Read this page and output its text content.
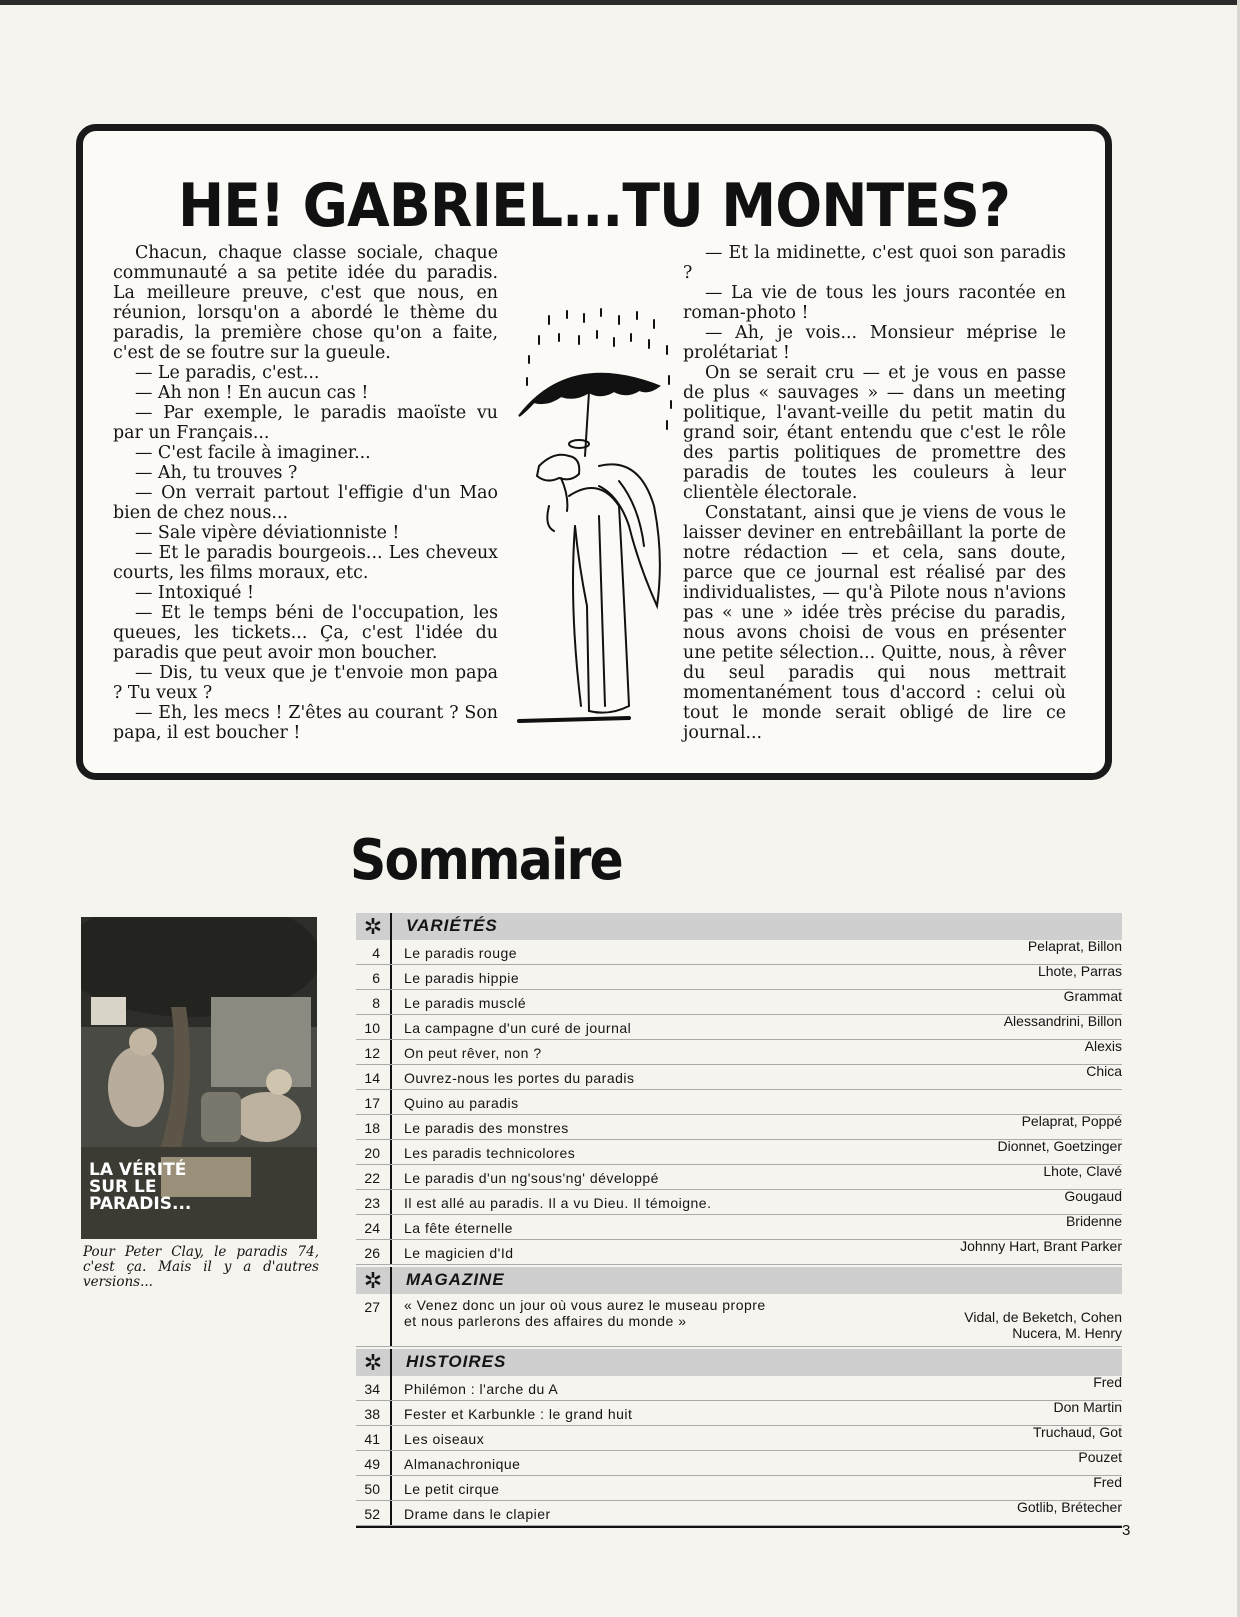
HE! GABRIEL...TU MONTES?

Chacun, chaque classe sociale, chaque communauté a sa petite idée du paradis. La meilleure preuve, c'est que nous, en réunion, lorsqu'on a abordé le thème du paradis, la première chose qu'on a faite, c'est de se foutre sur la gueule.

— Le paradis, c'est...

— Ah non ! En aucun cas !

— Par exemple, le paradis maoïste vu par un Français...

— C'est facile à imaginer...

— Ah, tu trouves ?

— On verrait partout l'effigie d'un Mao bien de chez nous...

— Sale vipère déviationniste !

— Et le paradis bourgeois... Les cheveux courts, les films moraux, etc.

— Intoxiqué !

— Et le temps béni de l'occupation, les queues, les tickets... Ça, c'est l'idée du paradis que peut avoir mon boucher.

— Dis, tu veux que je t'envoie mon papa ? Tu veux ?

— Eh, les mecs ! Z'êtes au courant ? Son papa, il est boucher !

— Et la midinette, c'est quoi son paradis ?

— La vie de tous les jours racontée en roman-photo !

— Ah, je vois... Monsieur méprise le prolétariat !

On se serait cru — et je vous en passe de plus « sauvages » — dans un meeting politique, l'avant-veille du petit matin du grand soir, étant entendu que c'est le rôle des partis politiques de promettre des paradis de toutes les couleurs à leur clientèle électorale.

Constatant, ainsi que je viens de vous le laisser deviner en entrebâillant la porte de notre rédaction — et cela, sans doute, parce que ce journal est réalisé par des individualistes, — qu'à Pilote nous n'avions pas « une » idée très précise du paradis, nous avons choisi de vous en présenter une petite sélection... Quitte, nous, à rêver du seul paradis qui nous mettrait momentanément tous d'accord : celui où tout le monde serait obligé de lire ce journal...

Sommaire
LA VÉRITÉ SUR LE PARADIS...
Pour Peter Clay, le paradis 74, c'est ça. Mais il y a d'autres versions...
✲	VARIÉTÉS
4 Le paradis rouge	Pelaprat, Billon
6 Le paradis hippie	Lhote, Parras
8 Le paradis musclé	Grammat
10 La campagne d'un curé de journal	Alessandrini, Billon
12 On peut rêver, non ?	Alexis
14 Ouvrez-nous les portes du paradis	Chica
17 Quino au paradis
18 Le paradis des monstres	Pelaprat, Poppé
20 Les paradis technicolores	Dionnet, Goetzinger
22 Le paradis d'un ng'sous'ng' développé	Lhote, Clavé
23 Il est allé au paradis. Il a vu Dieu. Il témoigne.	Gougaud
24 La fête éternelle	Bridenne
26 Le magicien d'Id	Johnny Hart, Brant Parker
✲	MAGAZINE
27 « Venez donc un jour où vous aurez le museau propre
et nous parlerons des affaires du monde »	Vidal, de Beketch, Cohen
Nucera, M. Henry
✲	HISTOIRES
34 Philémon : l'arche du A	Fred
38 Fester et Karbunkle : le grand huit	Don Martin
41 Les oiseaux	Truchaud, Got
49 Almanachronique	Pouzet
50 Le petit cirque	Fred
52 Drame dans le clapier	Gotlib, Brétecher
3
